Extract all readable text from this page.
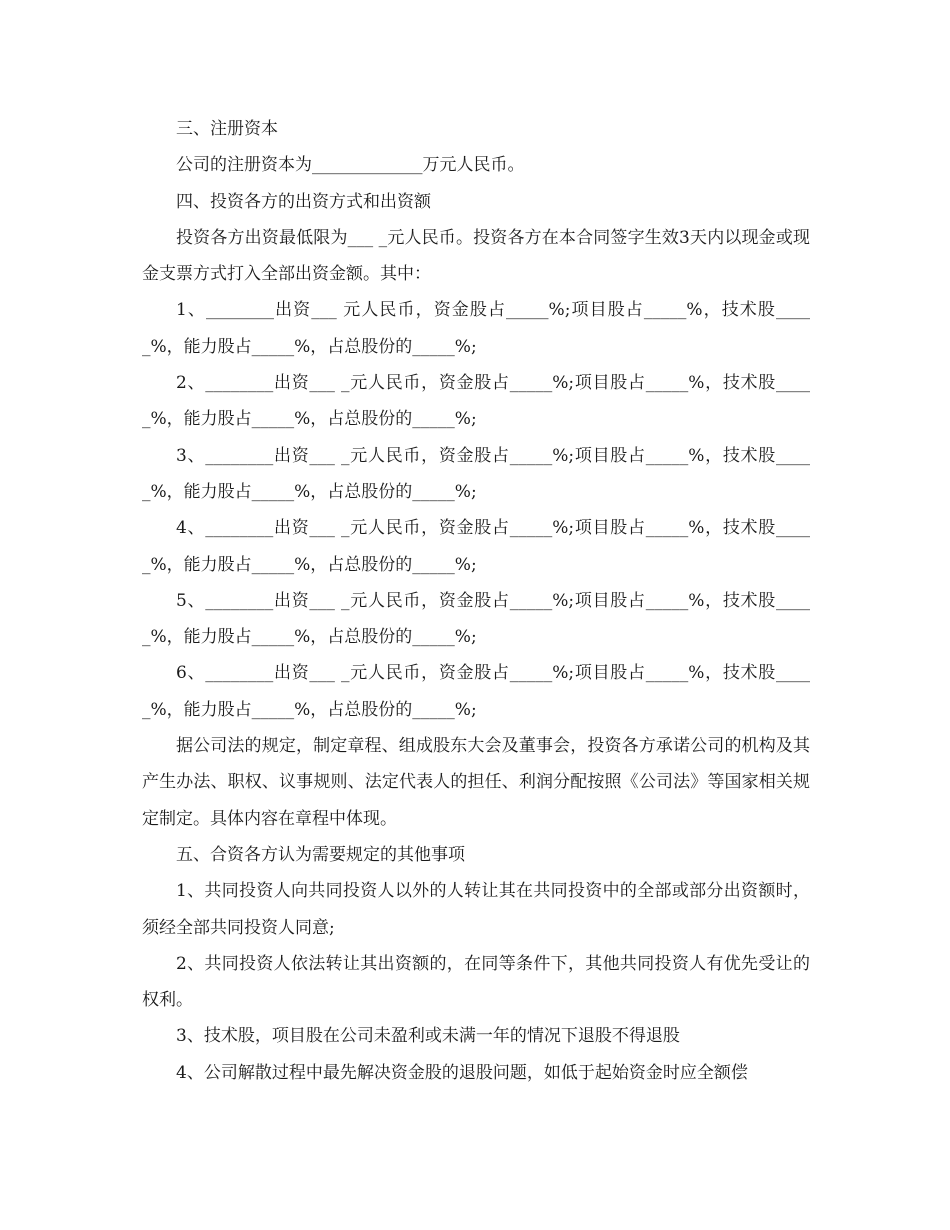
三、注册资本

公司的注册资本为_____________万元人民币。

四、投资各方的出资方式和出资额

投资各方出资最低限为___ _元人民币。投资各方在本合同签字生效3天内以现金或现金支票方式打入全部出资金额。其中：

1、________出资___ 元人民币，资金股占_____%;项目股占_____%，技术股_____%，能力股占_____%，占总股份的_____%;

2、________出资___ _元人民币，资金股占_____%;项目股占_____%，技术股_____%，能力股占_____%，占总股份的_____%;

3、________出资___ _元人民币，资金股占_____%;项目股占_____%，技术股_____%，能力股占_____%，占总股份的_____%;

4、________出资___ _元人民币，资金股占_____%;项目股占_____%，技术股_____%，能力股占_____%，占总股份的_____%;

5、________出资___ _元人民币，资金股占_____%;项目股占_____%，技术股_____%，能力股占_____%，占总股份的_____%;

6、________出资___ _元人民币，资金股占_____%;项目股占_____%，技术股_____%，能力股占_____%，占总股份的_____%;

据公司法的规定，制定章程、组成股东大会及董事会，投资各方承诺公司的机构及其产生办法、职权、议事规则、法定代表人的担任、利润分配按照《公司法》等国家相关规定制定。具体内容在章程中体现。

五、合资各方认为需要规定的其他事项

1、共同投资人向共同投资人以外的人转让其在共同投资中的全部或部分出资额时，须经全部共同投资人同意;

2、共同投资人依法转让其出资额的，在同等条件下，其他共同投资人有优先受让的权利。

3、技术股，项目股在公司未盈利或未满一年的情况下退股不得退股

4、公司解散过程中最先解决资金股的退股问题，如低于起始资金时应全额偿
